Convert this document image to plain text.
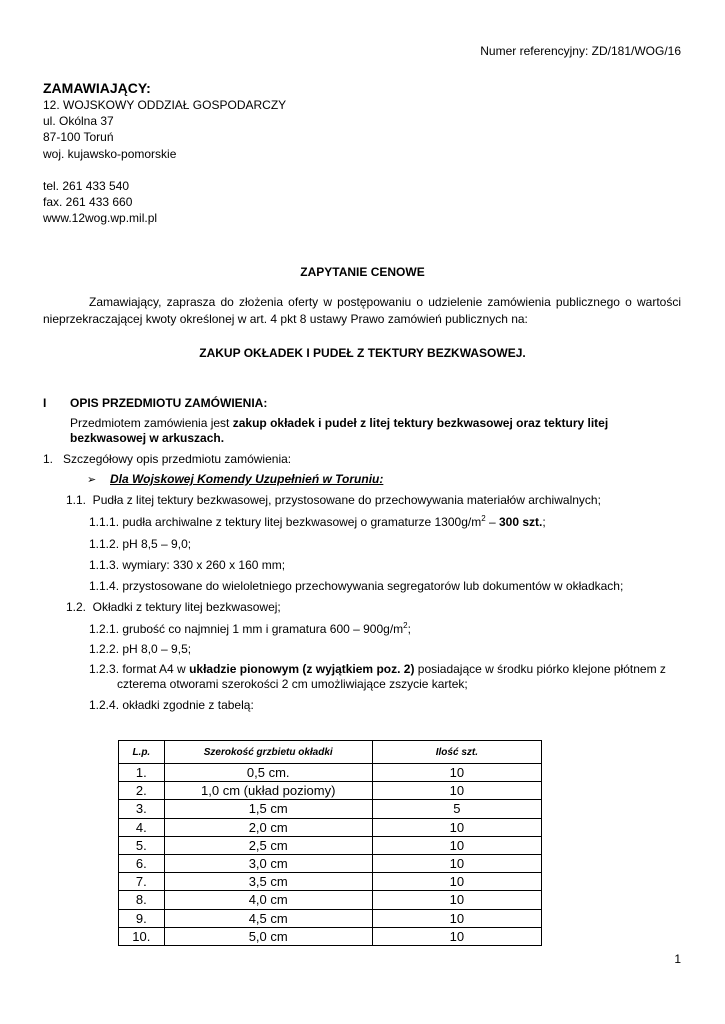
Numer referencyjny: ZD/181/WOG/16
ZAMAWIAJĄCY:
12. WOJSKOWY ODDZIAŁ GOSPODARCZY
ul. Okólna 37
87-100 Toruń
woj. kujawsko-pomorskie
tel. 261 433 540
fax. 261 433 660
www.12wog.wp.mil.pl
ZAPYTANIE CENOWE
Zamawiający, zaprasza do złożenia oferty w postępowaniu o udzielenie zamówienia publicznego o wartości nieprzekraczającej kwoty określonej w art. 4 pkt 8 ustawy Prawo zamówień publicznych na:
ZAKUP OKŁADEK I PUDEŁ Z TEKTURY BEZKWASOWEJ.
I OPIS PRZEDMIOTU ZAMÓWIENIA:
Przedmiotem zamówienia jest zakup okładek i pudeł z litej tektury bezkwasowej oraz tektury litej
bezkwasowej w arkuszach.
1.   Szczegółowy opis przedmiotu zamówienia:
➢ Dla Wojskowej Komendy Uzupełnień w Toruniu:
1.1.  Pudła z litej tektury bezkwasowej, przystosowane do przechowywania materiałów archiwalnych;
1.1.1. pudła archiwalne z tektury litej bezkwasowej o gramaturze $1300g/m^2 - 300$ szt.;
1.1.2. pH 8,5 – 9,0;
1.1.3. wymiary: 330 x 260 x 160 mm;
1.1.4. przystosowane do wieloletniego przechowywania segregatorów lub dokumentów w okładkach;
1.2.  Okładki z tektury litej bezkwasowej;
1.2.1. grubość co najmniej 1 mm i gramatura $600 - 900g/m^2$;
1.2.2. pH 8,0 – 9,5;
1.2.3. format A4 w układzie pionowym (z wyjątkiem poz. 2) posiadające w środku piórko klejone płótnem z
czterema otworami szerokości 2 cm umożliwiające zszycie kartek;
1.2.4. okładki zgodnie z tabelą:
L.p.	Szerokość grzbietu okładki	Ilość szt.
1.	0,5 cm.	10
2.	1,0 cm (układ poziomy)	10
3.	1,5 cm	5
4.	2,0 cm	10
5.	2,5 cm	10
6.	3,0 cm	10
7.	3,5 cm	10
8.	4,0 cm	10
9.	4,5 cm	10
10.	5,0 cm	10
1
